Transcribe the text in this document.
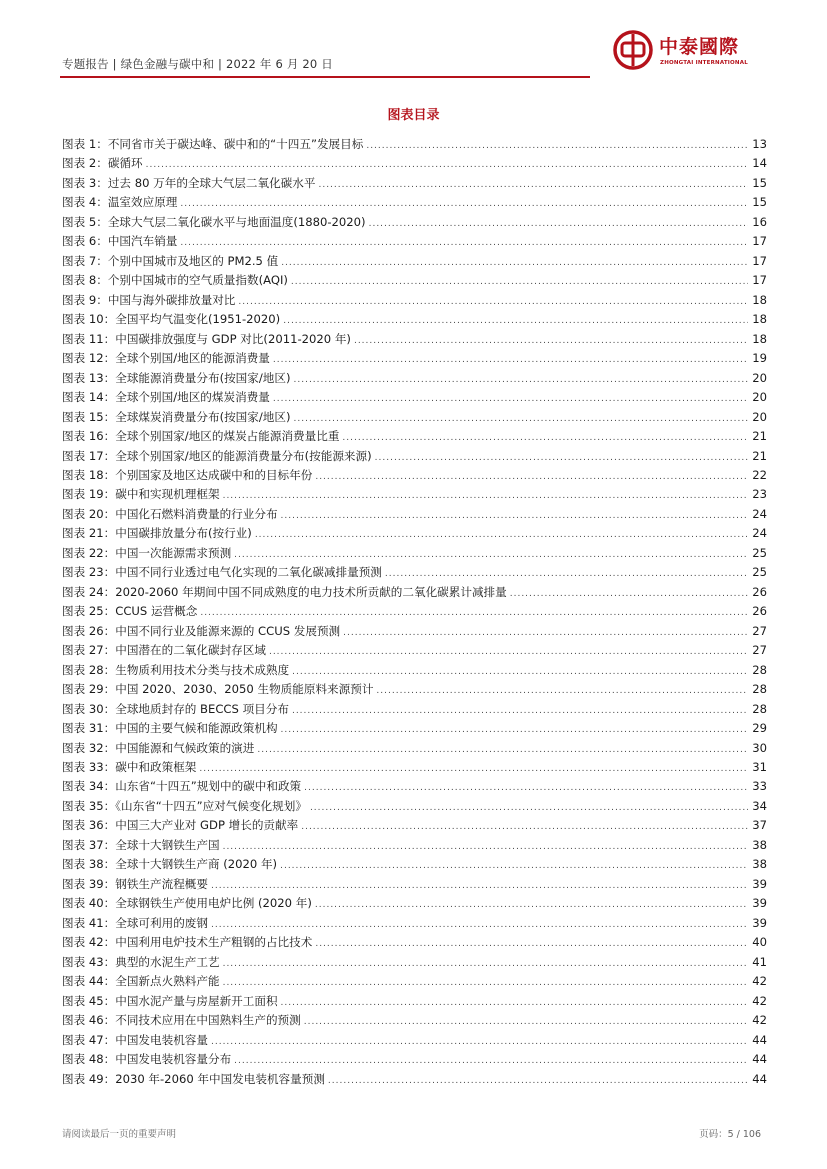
专题报告 | 绿色金融与碳中和 | 2022 年 6 月 20 日
中泰國際
ZHONGTAI INTERNATIONAL
图表目录
图表 1：不同省市关于碳达峰、碳中和的“十四五”发展目标 .....	13
图表 2：碳循环 .....	14
图表 3：过去 80 万年的全球大气层二氧化碳水平 .....	15
图表 4：温室效应原理 .....	15
图表 5：全球大气层二氧化碳水平与地面温度(1880-2020) .....	16
图表 6：中国汽车销量 .....	17
图表 7：个别中国城市及地区的 PM2.5 值 .....	17
图表 8：个别中国城市的空气质量指数(AQI) .....	17
图表 9：中国与海外碳排放量对比 .....	18
图表 10：全国平均气温变化(1951-2020) .....	18
图表 11：中国碳排放强度与 GDP 对比(2011-2020 年) .....	18
图表 12：全球个别国/地区的能源消费量 .....	19
图表 13：全球能源消费量分布(按国家/地区) .....	20
图表 14：全球个别国/地区的煤炭消费量 .....	20
图表 15：全球煤炭消费量分布(按国家/地区) .....	20
图表 16：全球个别国家/地区的煤炭占能源消费量比重 .....	21
图表 17：全球个别国家/地区的能源消费量分布(按能源来源) .....	21
图表 18：个别国家及地区达成碳中和的目标年份 .....	22
图表 19：碳中和实现机理框架 .....	23
图表 20：中国化石燃料消费量的行业分布 .....	24
图表 21：中国碳排放量分布(按行业) .....	24
图表 22：中国一次能源需求预测 .....	25
图表 23：中国不同行业透过电气化实现的二氧化碳减排量预测 .....	25
图表 24：2020-2060 年期间中国不同成熟度的电力技术所贡献的二氧化碳累计减排量 .....	26
图表 25：CCUS 运营概念 .....	26
图表 26：中国不同行业及能源来源的 CCUS 发展预测 .....	27
图表 27：中国潜在的二氧化碳封存区域 .....	27
图表 28：生物质利用技术分类与技术成熟度 .....	28
图表 29：中国 2020、2030、2050 生物质能原料来源预计 .....	28
图表 30：全球地质封存的 BECCS 项目分布 .....	28
图表 31：中国的主要气候和能源政策机构 .....	29
图表 32：中国能源和气候政策的演进 .....	30
图表 33：碳中和政策框架 .....	31
图表 34：山东省“十四五”规划中的碳中和政策 .....	33
图表 35：《山东省“十四五”应对气候变化规划》 .....	34
图表 36：中国三大产业对 GDP 增长的贡献率 .....	37
图表 37：全球十大钢铁生产国 .....	38
图表 38：全球十大钢铁生产商 (2020 年) .....	38
图表 39：钢铁生产流程概要 .....	39
图表 40：全球钢铁生产使用电炉比例 (2020 年) .....	39
图表 41：全球可利用的废钢 .....	39
图表 42：中国利用电炉技术生产粗钢的占比技术 .....	40
图表 43：典型的水泥生产工艺 .....	41
图表 44：全国新点火熟料产能 .....	42
图表 45：中国水泥产量与房屋新开工面积 .....	42
图表 46：不同技术应用在中国熟料生产的预测 .....	42
图表 47：中国发电装机容量 .....	44
图表 48：中国发电装机容量分布 .....	44
图表 49：2030 年-2060 年中国发电装机容量预测 .....	44
请阅读最后一页的重要声明	页码：5 / 106
